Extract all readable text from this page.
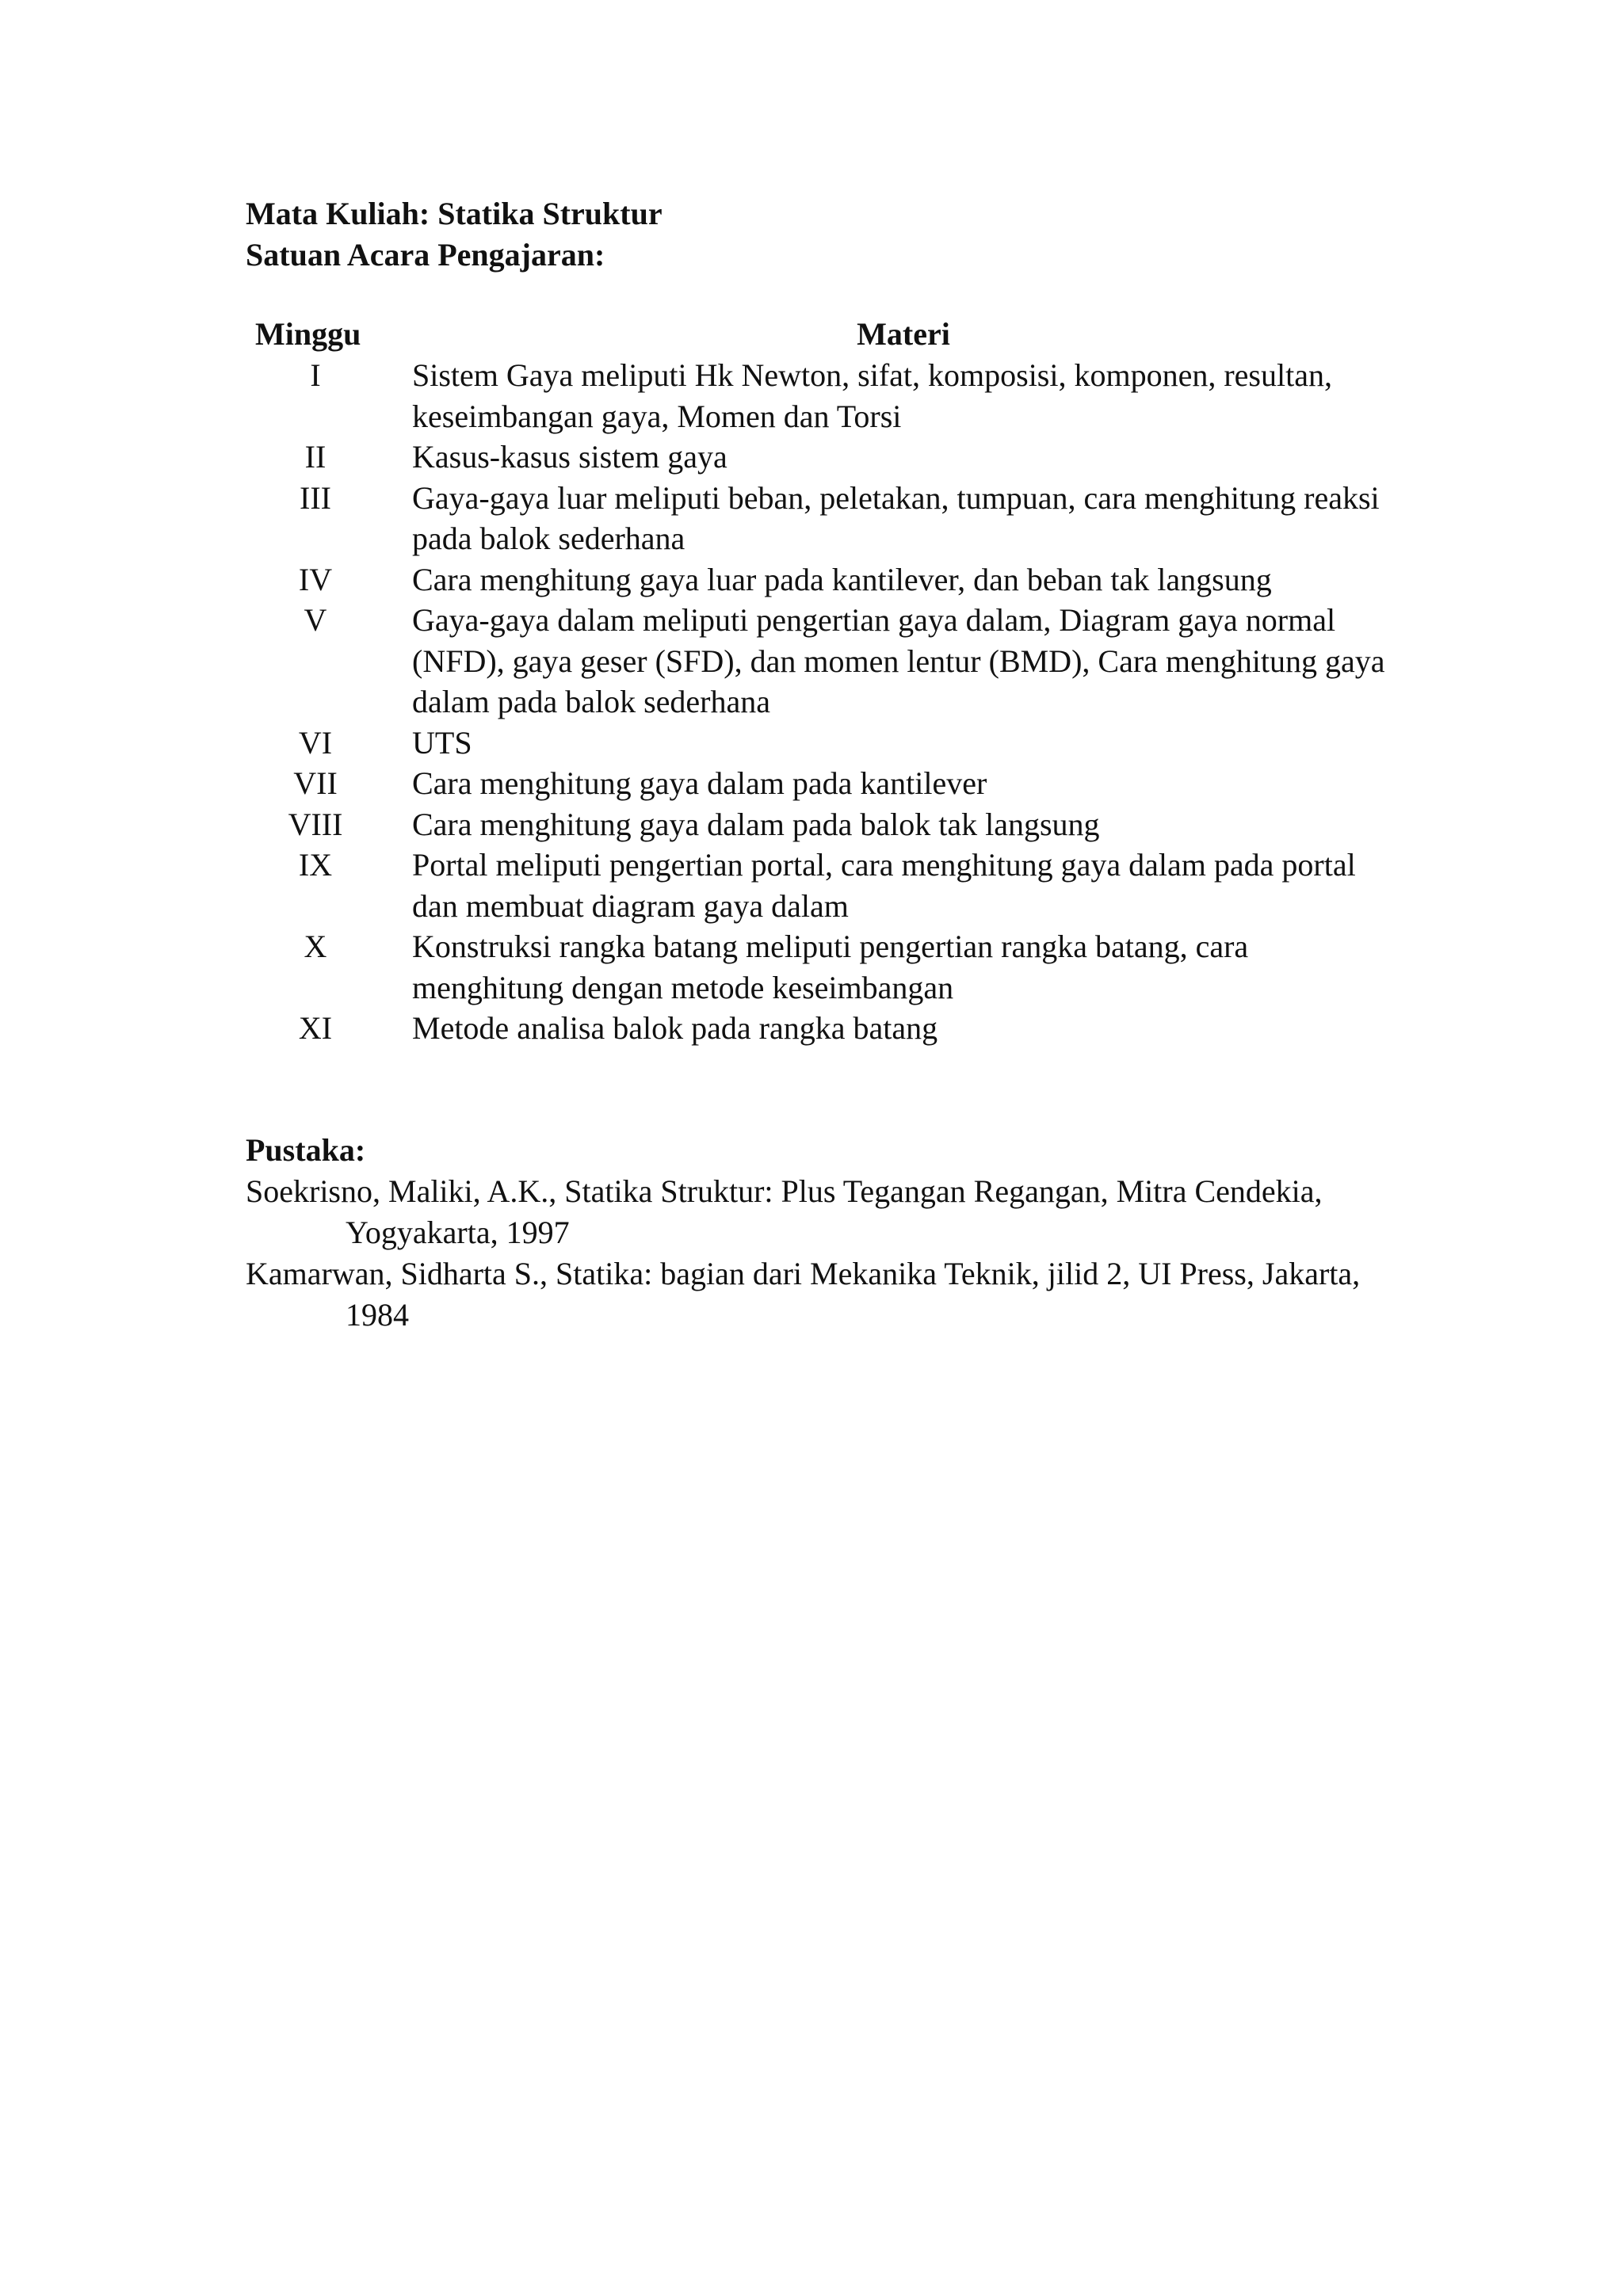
Mata Kuliah: Statika Struktur
Satuan Acara Pengajaran:
Minggu	Materi
I	Sistem Gaya meliputi Hk Newton, sifat, komposisi, komponen, resultan, keseimbangan gaya, Momen dan Torsi
II	Kasus-kasus sistem gaya
III	Gaya-gaya luar meliputi beban, peletakan, tumpuan, cara menghitung reaksi pada balok sederhana
IV	Cara menghitung gaya luar pada kantilever, dan beban tak langsung
V	Gaya-gaya dalam meliputi pengertian gaya dalam, Diagram gaya normal (NFD), gaya geser (SFD), dan momen lentur (BMD), Cara menghitung gaya dalam pada balok sederhana
VI	UTS
VII	Cara menghitung gaya dalam pada kantilever
VIII	Cara menghitung gaya dalam pada balok tak langsung
IX	Portal meliputi pengertian portal, cara menghitung gaya dalam pada portal dan membuat diagram gaya dalam
X	Konstruksi rangka batang meliputi pengertian rangka batang, cara menghitung dengan metode keseimbangan
XI	Metode analisa balok pada rangka batang
Pustaka:
Soekrisno, Maliki, A.K., Statika Struktur: Plus Tegangan Regangan, Mitra Cendekia, Yogyakarta, 1997
Kamarwan, Sidharta S., Statika: bagian dari Mekanika Teknik, jilid 2, UI Press, Jakarta, 1984
